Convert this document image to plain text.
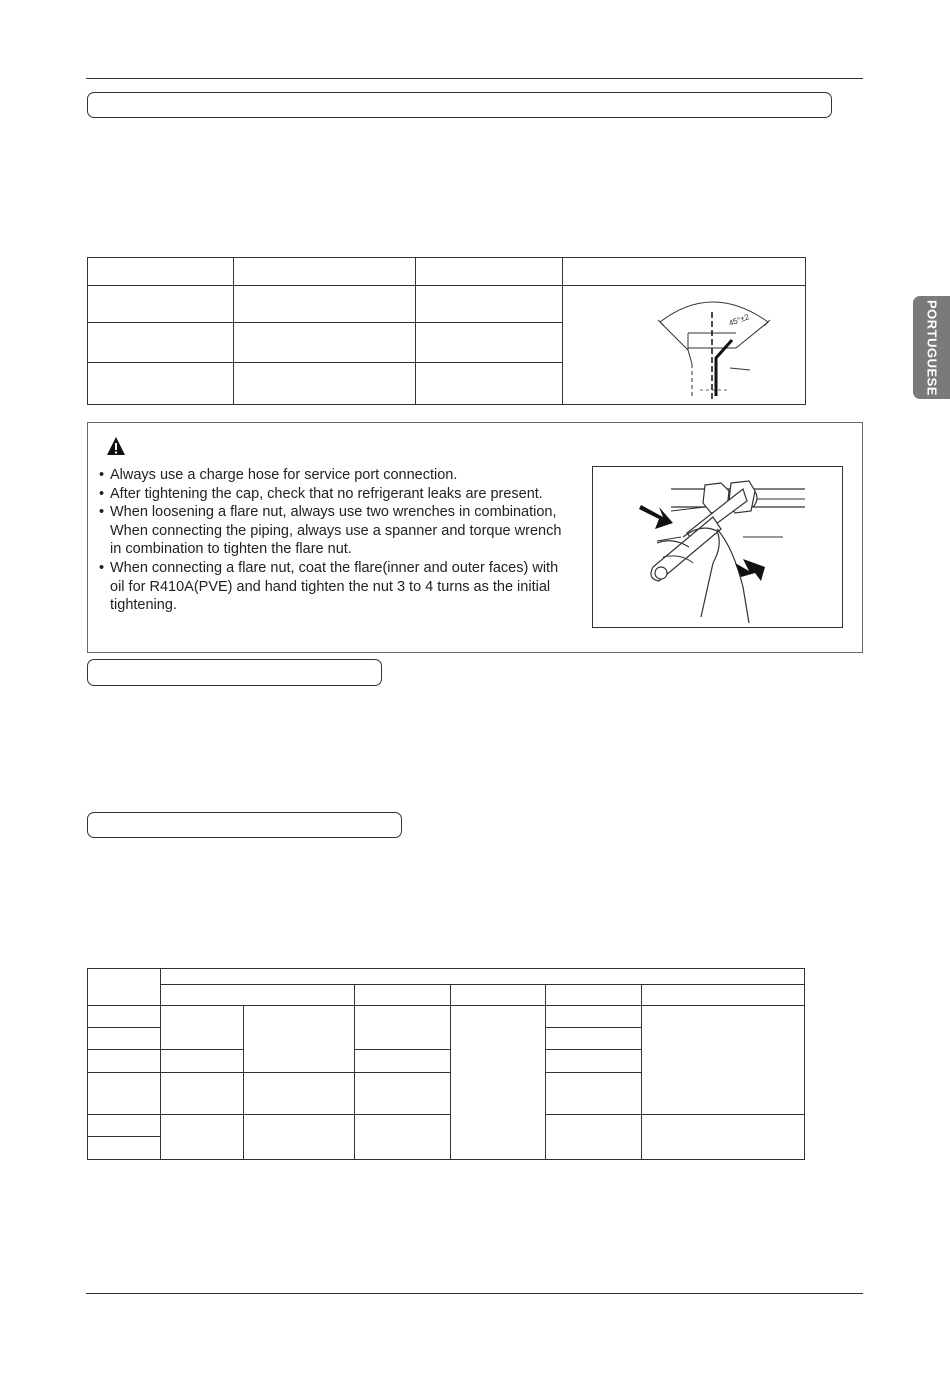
PORTUGUESE
45°±2
• Always use a charge hose for service port connection.
• After tightening the cap, check that no refrigerant leaks are present.
• When loosening a flare nut, always use two wrenches in combination, When connecting the piping, always use a spanner and torque wrench in combination to tighten the flare nut.
• When connecting a flare nut, coat the flare(inner and outer faces) with oil for R410A(PVE) and hand tighten the nut 3 to 4 turns as the initial tightening.
